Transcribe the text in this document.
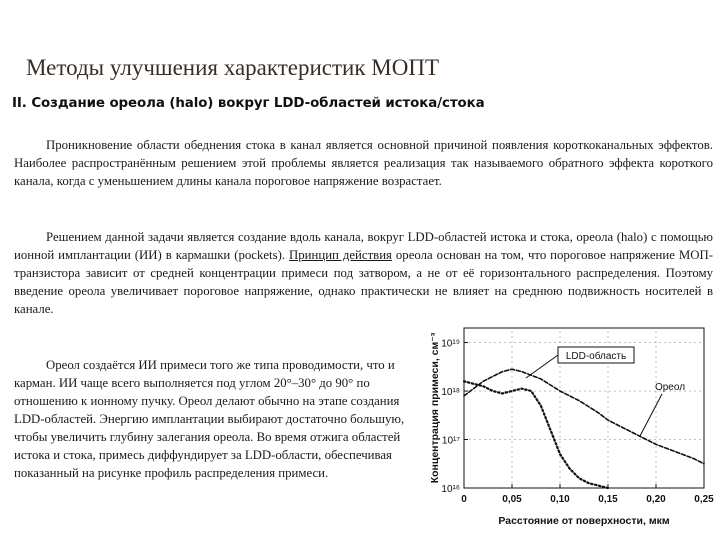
Методы улучшения характеристик МОПТ
II. Создание ореола (halo) вокруг LDD-областей истока/стока

Проникновение области обеднения стока в канал является основной причиной появления короткоканальных эффектов. Наиболее распространённым решением этой проблемы является реализация так называемого обратного эффекта короткого канала, когда с уменьшением длины канала пороговое напряжение возрастает.

Решением данной задачи является создание вдоль канала, вокруг LDD-областей истока и стока, ореола (halo) с помощью ионной имплантации (ИИ) в кармашки (pockets). Принцип действия ореола основан на том, что пороговое напряжение МОП-транзистора зависит от средней концентрации примеси под затвором, а не от её горизонтального распределения. Поэтому введение ореола увеличивает пороговое напряжение, однако практически не влияет на среднюю подвижность носителей в канале.

Ореол создаётся ИИ примеси того же типа проводимости, что и карман. ИИ чаще всего выполняется под углом 20°–30° до 90° по отношению к ионному пучку. Ореол делают обычно на этапе создания LDD-областей. Энергию имплантации выбирают достаточно большую, чтобы увеличить глубину залегания ореола. Во время отжига областей истока и стока, примесь диффундирует за LDD-области, обеспечивая показанный на рисунке профиль распределения примеси.

10¹⁶
10¹⁷
10¹⁸
10¹⁹
0	0,05	0,10	0,15	0,20	0,25
Концентрация примеси, см⁻³
Расстояние от поверхности, мкм
LDD-область
Ореол
